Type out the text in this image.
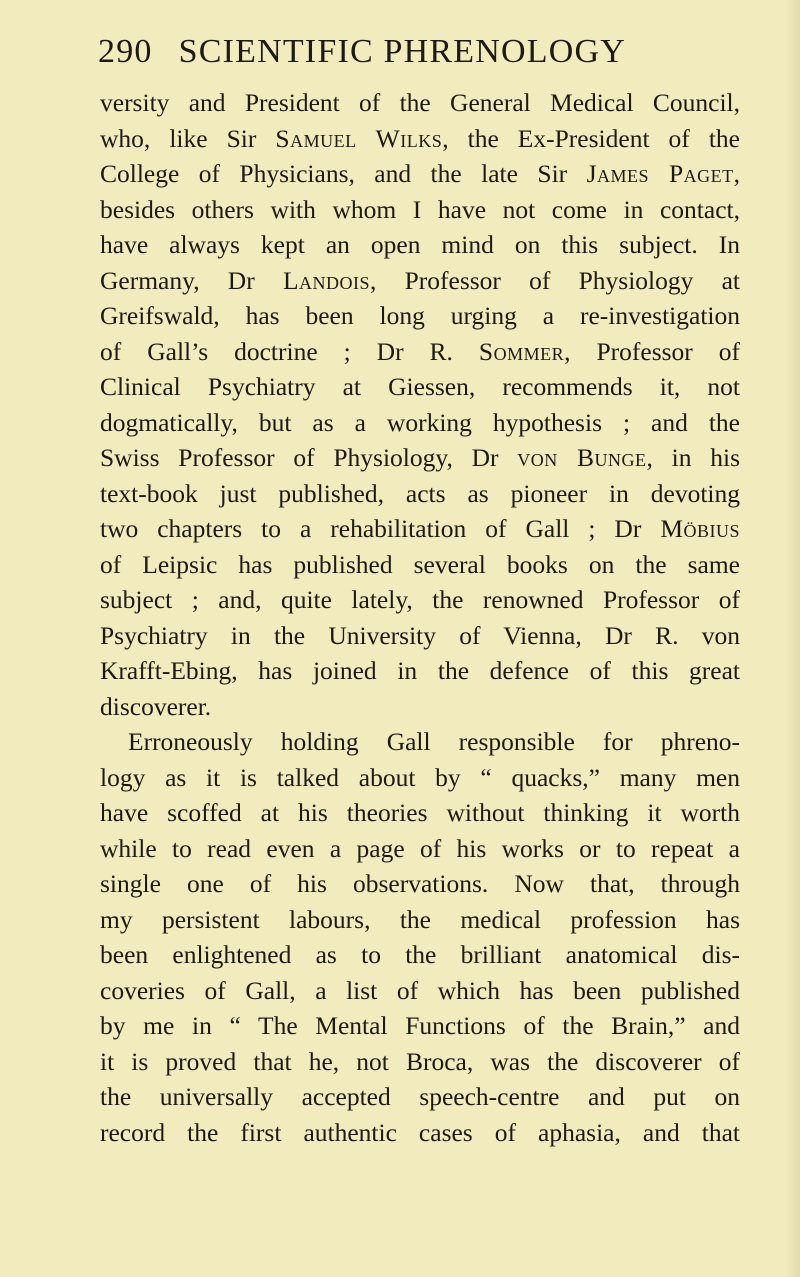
290 SCIENTIFIC PHRENOLOGY
versity and President of the General Medical Council,
who, like Sir Samuel Wilks, the Ex-President of the
College of Physicians, and the late Sir James Paget,
besides others with whom I have not come in contact,
have always kept an open mind on this subject. In
Germany, Dr Landois, Professor of Physiology at
Greifswald, has been long urging a re-investigation
of Gall’s doctrine ; Dr R. Sommer, Professor of
Clinical Psychiatry at Giessen, recommends it, not
dogmatically, but as a working hypothesis ; and the
Swiss Professor of Physiology, Dr von Bunge, in his
text-book just published, acts as pioneer in devoting
two chapters to a rehabilitation of Gall ; Dr Möbius
of Leipsic has published several books on the same
subject ; and, quite lately, the renowned Professor of
Psychiatry in the University of Vienna, Dr R. von
Krafft-Ebing, has joined in the defence of this great
discoverer.
Erroneously holding Gall responsible for phreno-
logy as it is talked about by “ quacks,” many men
have scoffed at his theories without thinking it worth
while to read even a page of his works or to repeat a
single one of his observations. Now that, through
my persistent labours, the medical profession has
been enlightened as to the brilliant anatomical dis-
coveries of Gall, a list of which has been published
by me in “ The Mental Functions of the Brain,” and
it is proved that he, not Broca, was the discoverer of
the universally accepted speech-centre and put on
record the first authentic cases of aphasia, and that
